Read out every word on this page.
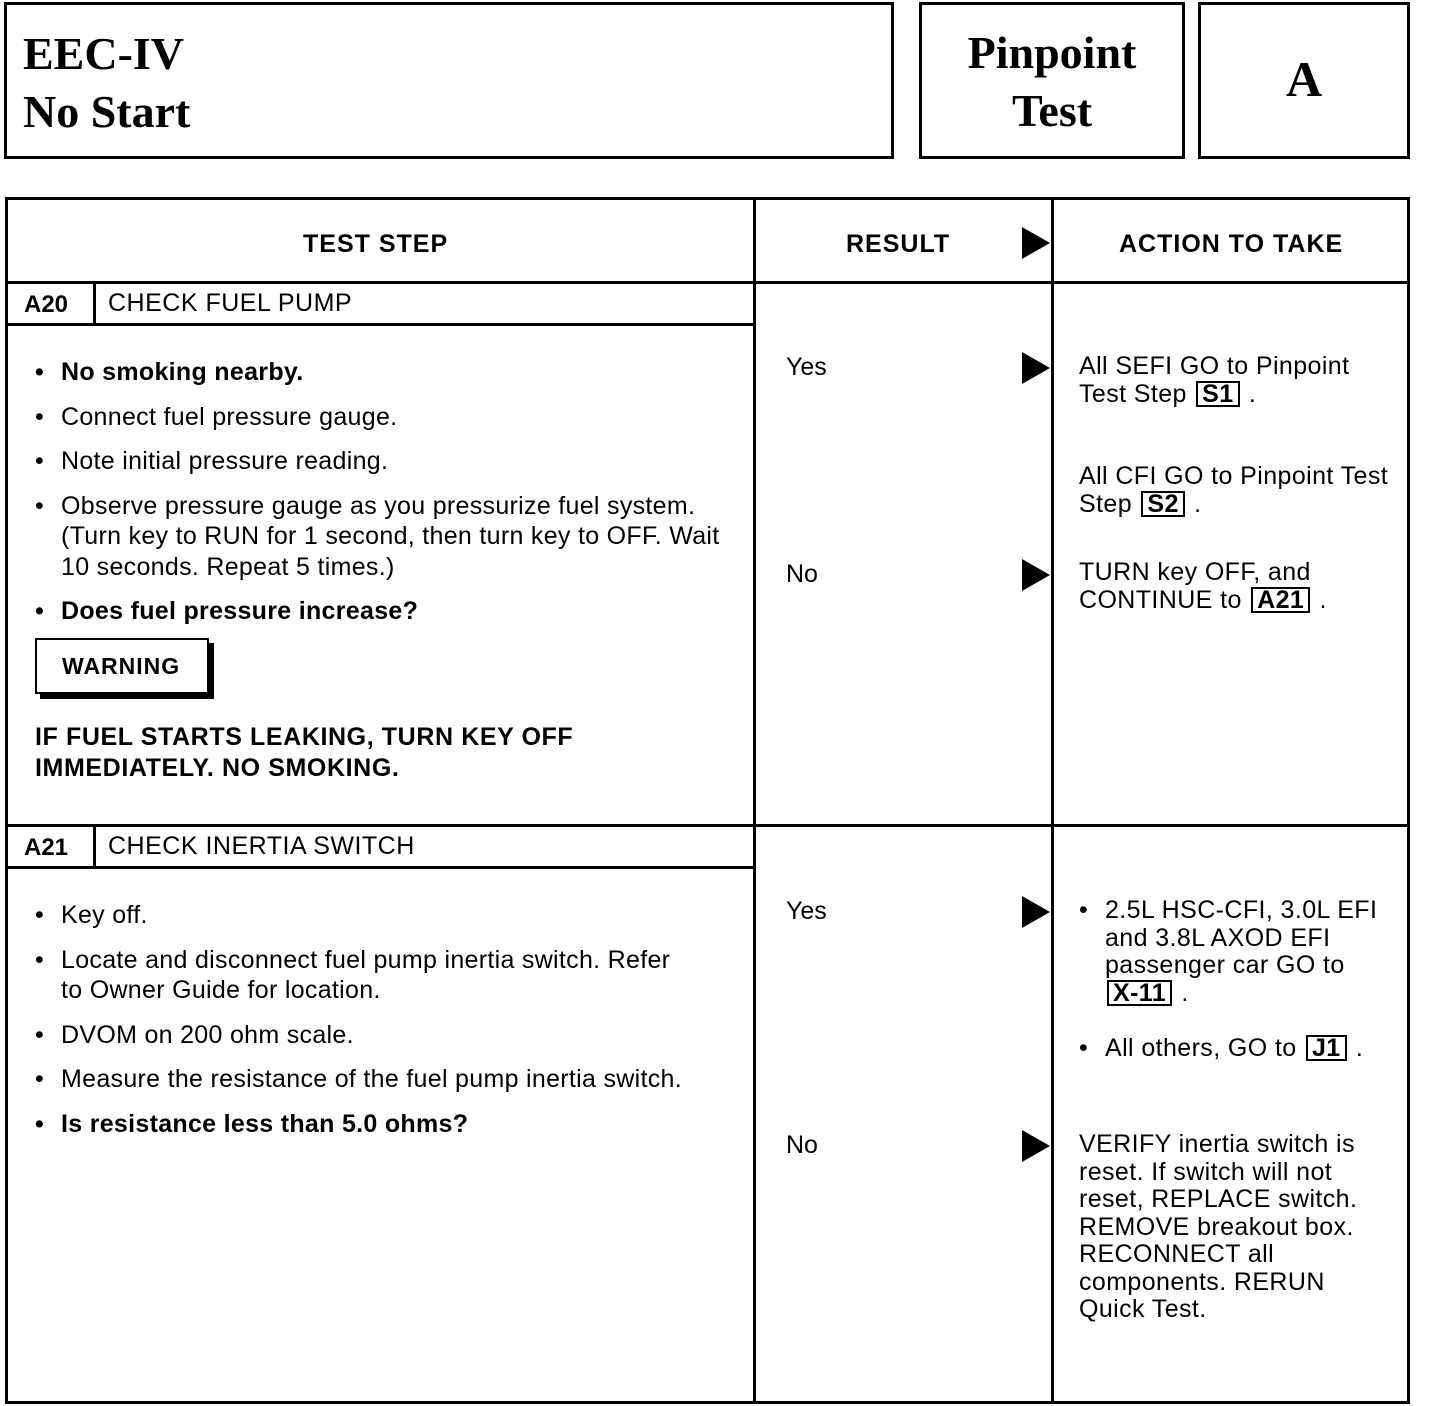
EEC-IV
No Start
Pinpoint
Test
A
TEST STEP	RESULT	ACTION TO TAKE
A20 CHECK FUEL PUMP
• No smoking nearby.
• Connect fuel pressure gauge.
• Note initial pressure reading.
• Observe pressure gauge as you pressurize fuel system. (Turn key to RUN for 1 second, then turn key to OFF. Wait 10 seconds. Repeat 5 times.)
• Does fuel pressure increase?
WARNING
IF FUEL STARTS LEAKING, TURN KEY OFF
IMMEDIATELY. NO SMOKING.
Yes
No
All SEFI GO to Pinpoint Test Step S1 .
All CFI GO to Pinpoint Test Step S2 .
TURN key OFF, and CONTINUE to A21 .
A21 CHECK INERTIA SWITCH
• Key off.
• Locate and disconnect fuel pump inertia switch. Refer to Owner Guide for location.
• DVOM on 200 ohm scale.
• Measure the resistance of the fuel pump inertia switch.
• Is resistance less than 5.0 ohms?
Yes
No
• 2.5L HSC-CFI, 3.0L EFI and 3.8L AXOD EFI passenger car GO to X-11 .
• All others, GO to J1 .
VERIFY inertia switch is reset. If switch will not reset, REPLACE switch. REMOVE breakout box. RECONNECT all components. RERUN Quick Test.
